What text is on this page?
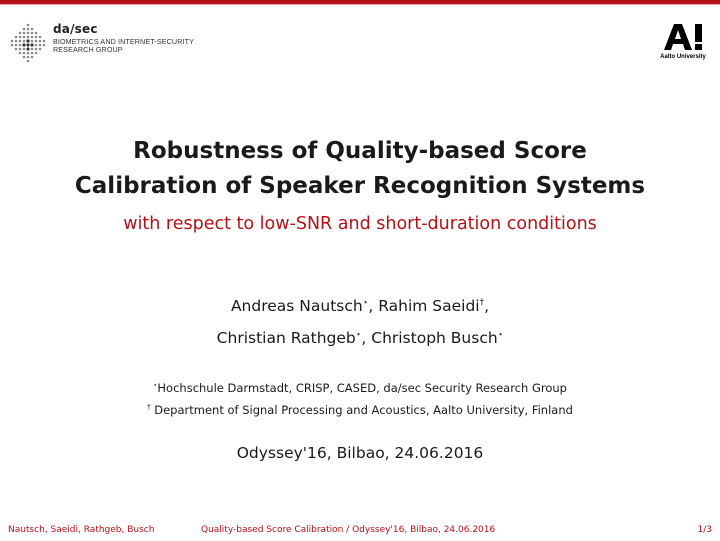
da/sec
BIOMETRICS AND INTERNET-SECURITY
RESEARCH GROUP
Aalto University
Robustness of Quality-based Score
Calibration of Speaker Recognition Systems
with respect to low-SNR and short-duration conditions
Andreas Nautsch⋆, Rahim Saeidi†,
Christian Rathgeb⋆, Christoph Busch⋆
⋆Hochschule Darmstadt, CRISP, CASED, da/sec Security Research Group
† Department of Signal Processing and Acoustics, Aalto University, Finland
Odyssey'16, Bilbao, 24.06.2016
Nautsch, Saeidi, Rathgeb, Busch	Quality-based Score Calibration / Odyssey'16, Bilbao, 24.06.2016	1/3
